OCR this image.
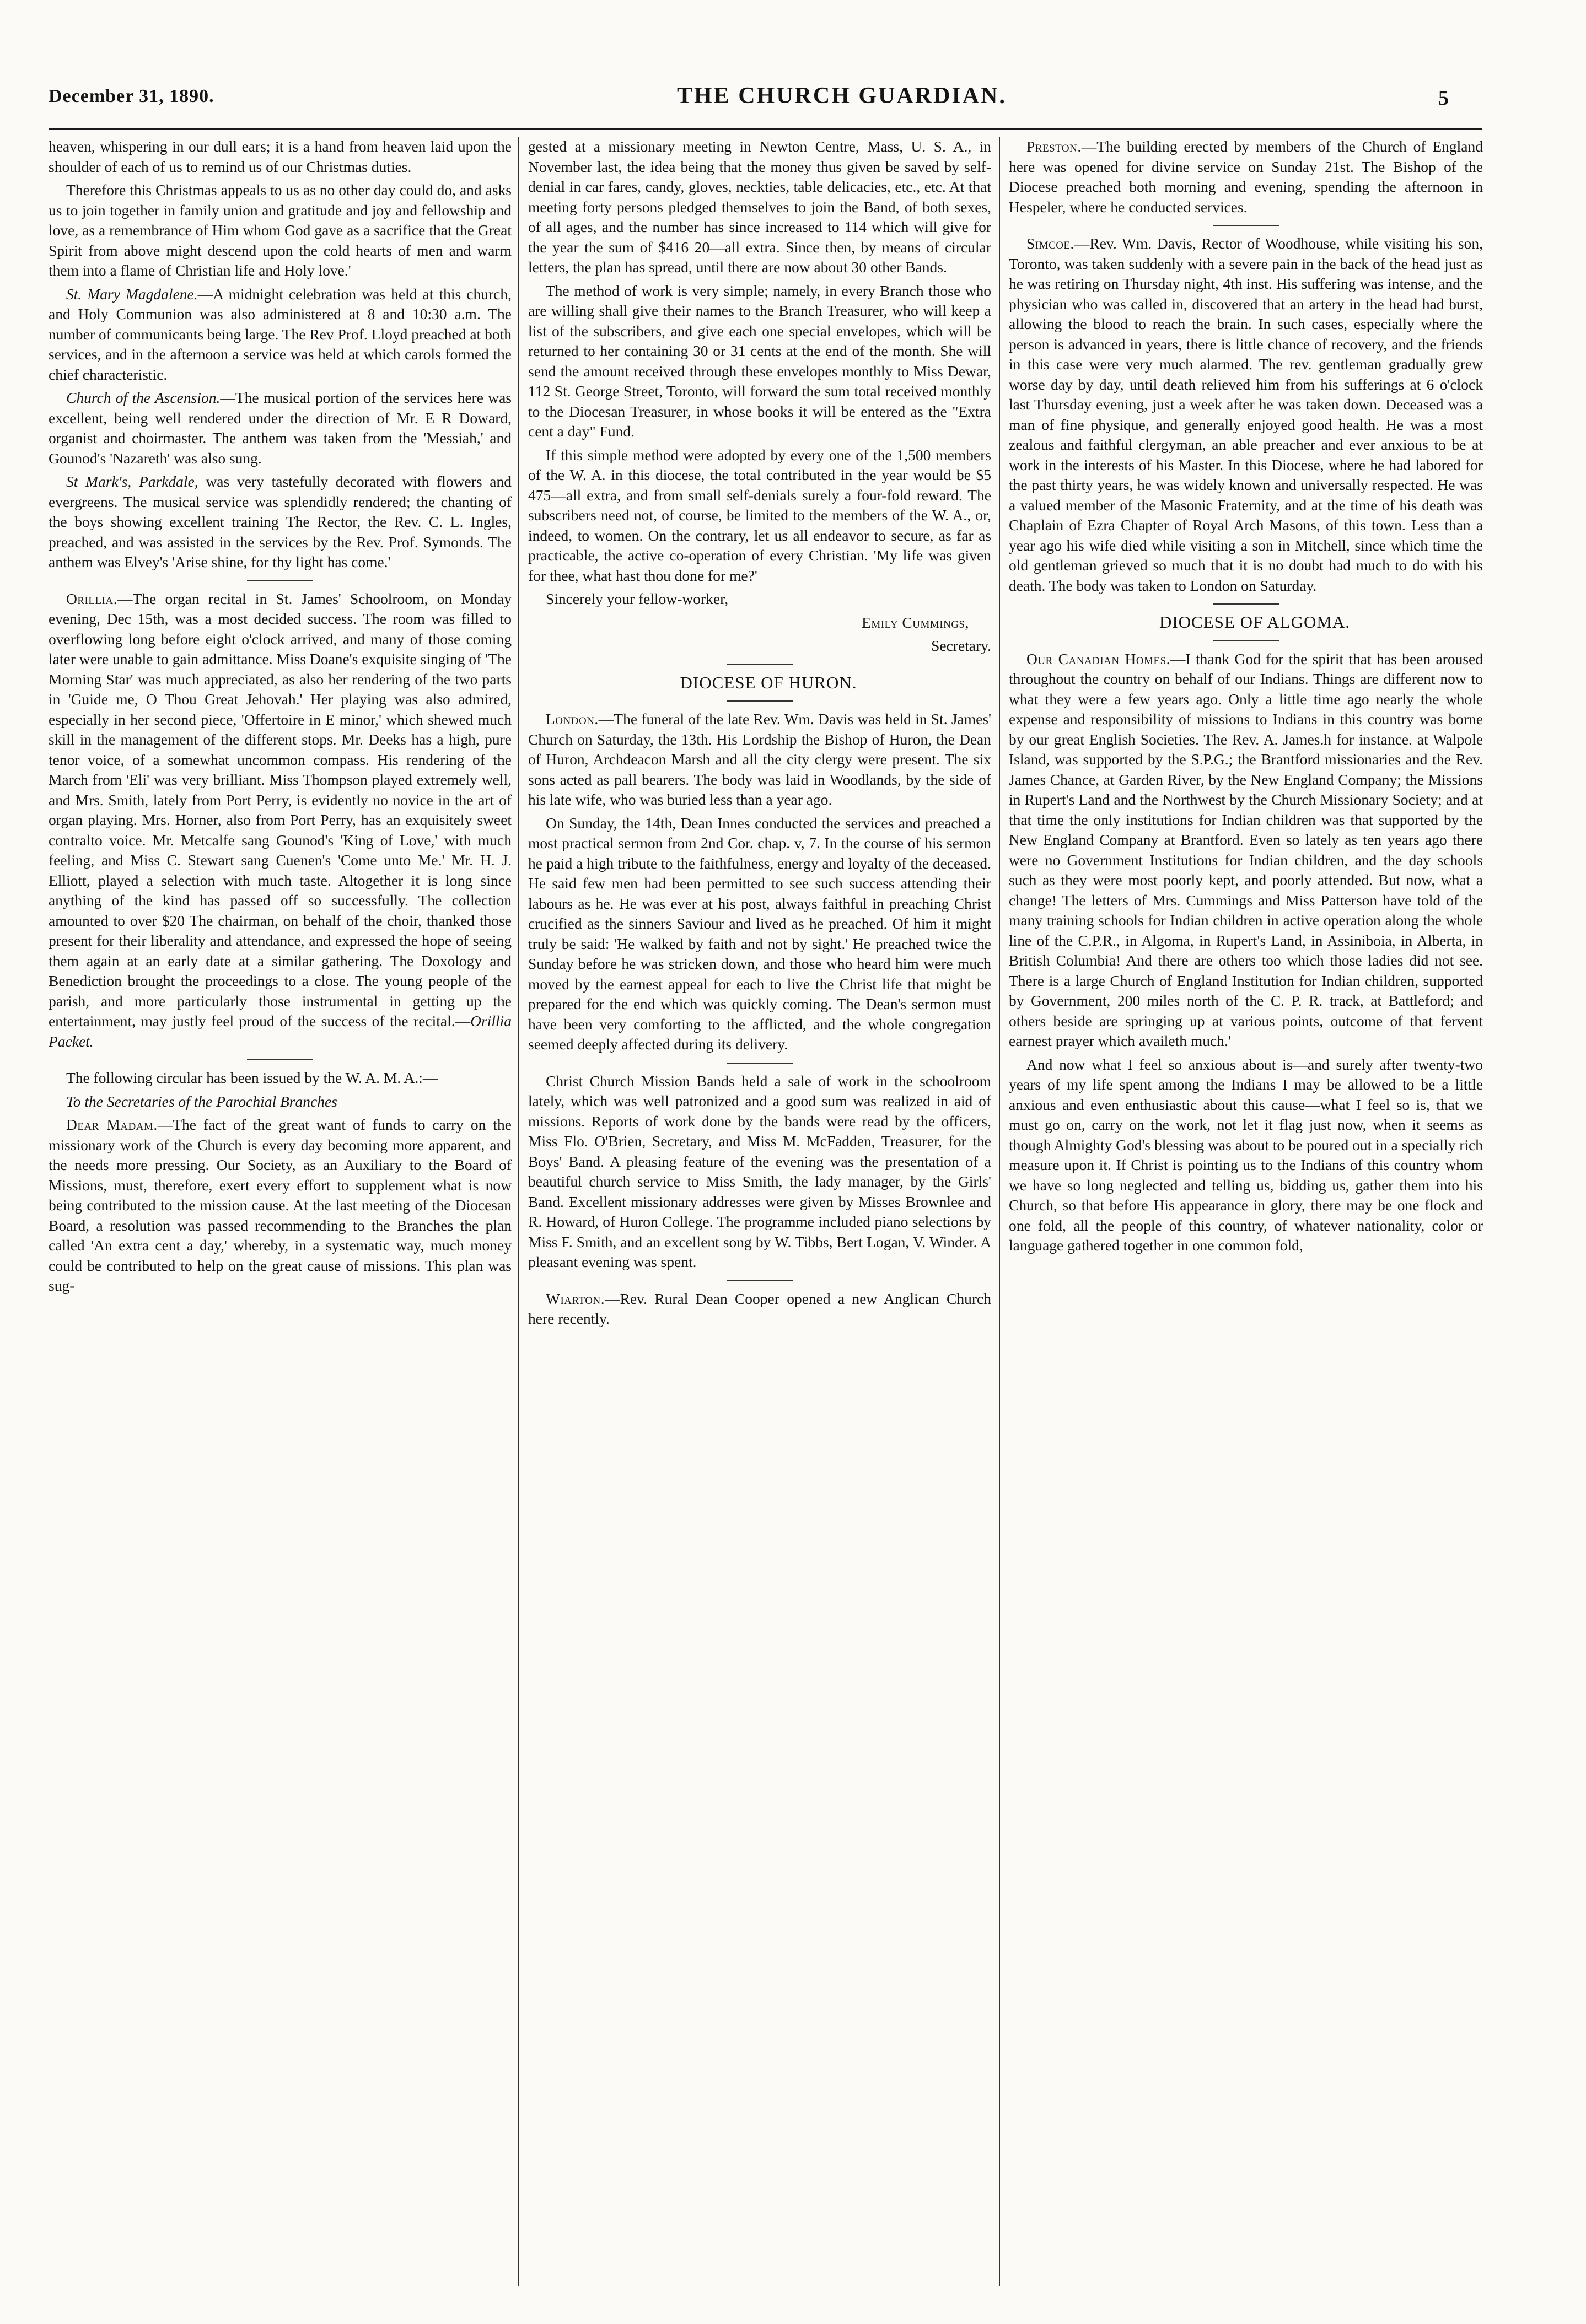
December 31, 1890.	THE CHURCH GUARDIAN.	5

heaven, whispering in our dull ears; it is a hand from heaven laid upon the shoulder of each of us to remind us of our Christmas duties.

Therefore this Christmas appeals to us as no other day could do, and asks us to join together in family union and gratitude and joy and fellowship and love, as a remembrance of Him whom God gave as a sacrifice that the Great Spirit from above might descend upon the cold hearts of men and warm them into a flame of Christian life and Holy love.'

St. Mary Magdalene.—A midnight celebration was held at this church, and Holy Communion was also administered at 8 and 10:30 a.m. The number of communicants being large. The Rev Prof. Lloyd preached at both services, and in the afternoon a service was held at which carols formed the chief characteristic.

Church of the Ascension.—The musical portion of the services here was excellent, being well rendered under the direction of Mr. E R Doward, organist and choirmaster. The anthem was taken from the 'Messiah,' and Gounod's 'Nazareth' was also sung.

St Mark's, Parkdale, was very tastefully decorated with flowers and evergreens. The musical service was splendidly rendered; the chanting of the boys showing excellent training The Rector, the Rev. C. L. Ingles, preached, and was assisted in the services by the Rev. Prof. Symonds. The anthem was Elvey's 'Arise shine, for thy light has come.'

Orillia.—The organ recital in St. James' Schoolroom, on Monday evening, Dec 15th, was a most decided success. The room was filled to overflowing long before eight o'clock arrived, and many of those coming later were unable to gain admittance. Miss Doane's exquisite singing of 'The Morning Star' was much appreciated, as also her rendering of the two parts in 'Guide me, O Thou Great Jehovah.' Her playing was also admired, especially in her second piece, 'Offertoire in E minor,' which shewed much skill in the management of the different stops. Mr. Deeks has a high, pure tenor voice, of a somewhat uncommon compass. His rendering of the March from 'Eli' was very brilliant. Miss Thompson played extremely well, and Mrs. Smith, lately from Port Perry, is evidently no novice in the art of organ playing. Mrs. Horner, also from Port Perry, has an exquisitely sweet contralto voice. Mr. Metcalfe sang Gounod's 'King of Love,' with much feeling, and Miss C. Stewart sang Cuenen's 'Come unto Me.' Mr. H. J. Elliott, played a selection with much taste. Altogether it is long since anything of the kind has passed off so successfully. The collection amounted to over $20 The chairman, on behalf of the choir, thanked those present for their liberality and attendance, and expressed the hope of seeing them again at an early date at a similar gathering. The Doxology and Benediction brought the proceedings to a close. The young people of the parish, and more particularly those instrumental in getting up the entertainment, may justly feel proud of the success of the recital.—Orillia Packet.

The following circular has been issued by the W. A. M. A.:—

To the Secretaries of the Parochial Branches

Dear Madam.—The fact of the great want of funds to carry on the missionary work of the Church is every day becoming more apparent, and the needs more pressing. Our Society, as an Auxiliary to the Board of Missions, must, therefore, exert every effort to supplement what is now being contributed to the mission cause. At the last meeting of the Diocesan Board, a resolution was passed recommending to the Branches the plan called 'An extra cent a day,' whereby, in a systematic way, much money could be contributed to help on the great cause of missions. This plan was sug-

gested at a missionary meeting in Newton Centre, Mass, U. S. A., in November last, the idea being that the money thus given be saved by self-denial in car fares, candy, gloves, neckties, table delicacies, etc., etc. At that meeting forty persons pledged themselves to join the Band, of both sexes, of all ages, and the number has since increased to 114 which will give for the year the sum of $416 20—all extra. Since then, by means of circular letters, the plan has spread, until there are now about 30 other Bands.

The method of work is very simple; namely, in every Branch those who are willing shall give their names to the Branch Treasurer, who will keep a list of the subscribers, and give each one special envelopes, which will be returned to her containing 30 or 31 cents at the end of the month. She will send the amount received through these envelopes monthly to Miss Dewar, 112 St. George Street, Toronto, will forward the sum total received monthly to the Diocesan Treasurer, in whose books it will be entered as the "Extra cent a day" Fund.

If this simple method were adopted by every one of the 1,500 members of the W. A. in this diocese, the total contributed in the year would be $5 475—all extra, and from small self-denials surely a four-fold reward. The subscribers need not, of course, be limited to the members of the W. A., or, indeed, to women. On the contrary, let us all endeavor to secure, as far as practicable, the active co-operation of every Christian. 'My life was given for thee, what hast thou done for me?'

Sincerely your fellow-worker,

Emily Cummings,

Secretary.

DIOCESE OF HURON.

London.—The funeral of the late Rev. Wm. Davis was held in St. James' Church on Saturday, the 13th. His Lordship the Bishop of Huron, the Dean of Huron, Archdeacon Marsh and all the city clergy were present. The six sons acted as pall bearers. The body was laid in Woodlands, by the side of his late wife, who was buried less than a year ago.

On Sunday, the 14th, Dean Innes conducted the services and preached a most practical sermon from 2nd Cor. chap. v, 7. In the course of his sermon he paid a high tribute to the faithfulness, energy and loyalty of the deceased. He said few men had been permitted to see such success attending their labours as he. He was ever at his post, always faithful in preaching Christ crucified as the sinners Saviour and lived as he preached. Of him it might truly be said: 'He walked by faith and not by sight.' He preached twice the Sunday before he was stricken down, and those who heard him were much moved by the earnest appeal for each to live the Christ life that might be prepared for the end which was quickly coming. The Dean's sermon must have been very comforting to the afflicted, and the whole congregation seemed deeply affected during its delivery.

Christ Church Mission Bands held a sale of work in the schoolroom lately, which was well patronized and a good sum was realized in aid of missions. Reports of work done by the bands were read by the officers, Miss Flo. O'Brien, Secretary, and Miss M. McFadden, Treasurer, for the Boys' Band. A pleasing feature of the evening was the presentation of a beautiful church service to Miss Smith, the lady manager, by the Girls' Band. Excellent missionary addresses were given by Misses Brownlee and R. Howard, of Huron College. The programme included piano selections by Miss F. Smith, and an excellent song by W. Tibbs, Bert Logan, V. Winder. A pleasant evening was spent.

Wiarton.—Rev. Rural Dean Cooper opened a new Anglican Church here recently.

Preston.—The building erected by members of the Church of England here was opened for divine service on Sunday 21st. The Bishop of the Diocese preached both morning and evening, spending the afternoon in Hespeler, where he conducted services.

Simcoe.—Rev. Wm. Davis, Rector of Woodhouse, while visiting his son, Toronto, was taken suddenly with a severe pain in the back of the head just as he was retiring on Thursday night, 4th inst. His suffering was intense, and the physician who was called in, discovered that an artery in the head had burst, allowing the blood to reach the brain. In such cases, especially where the person is advanced in years, there is little chance of recovery, and the friends in this case were very much alarmed. The rev. gentleman gradually grew worse day by day, until death relieved him from his sufferings at 6 o'clock last Thursday evening, just a week after he was taken down. Deceased was a man of fine physique, and generally enjoyed good health. He was a most zealous and faithful clergyman, an able preacher and ever anxious to be at work in the interests of his Master. In this Diocese, where he had labored for the past thirty years, he was widely known and universally respected. He was a valued member of the Masonic Fraternity, and at the time of his death was Chaplain of Ezra Chapter of Royal Arch Masons, of this town. Less than a year ago his wife died while visiting a son in Mitchell, since which time the old gentleman grieved so much that it is no doubt had much to do with his death. The body was taken to London on Saturday.

DIOCESE OF ALGOMA.

Our Canadian Homes.—I thank God for the spirit that has been aroused throughout the country on behalf of our Indians. Things are different now to what they were a few years ago. Only a little time ago nearly the whole expense and responsibility of missions to Indians in this country was borne by our great English Societies. The Rev. A. James.h for instance. at Walpole Island, was supported by the S.P.G.; the Brantford missionaries and the Rev. James Chance, at Garden River, by the New England Company; the Missions in Rupert's Land and the Northwest by the Church Missionary Society; and at that time the only institutions for Indian children was that supported by the New England Company at Brantford. Even so lately as ten years ago there were no Government Institutions for Indian children, and the day schools such as they were most poorly kept, and poorly attended. But now, what a change! The letters of Mrs. Cummings and Miss Patterson have told of the many training schools for Indian children in active operation along the whole line of the C.P.R., in Algoma, in Rupert's Land, in Assiniboia, in Alberta, in British Columbia! And there are others too which those ladies did not see. There is a large Church of England Institution for Indian children, supported by Government, 200 miles north of the C. P. R. track, at Battleford; and others beside are springing up at various points, outcome of that fervent earnest prayer which availeth much.'

And now what I feel so anxious about is—and surely after twenty-two years of my life spent among the Indians I may be allowed to be a little anxious and even enthusiastic about this cause—what I feel so is, that we must go on, carry on the work, not let it flag just now, when it seems as though Almighty God's blessing was about to be poured out in a specially rich measure upon it. If Christ is pointing us to the Indians of this country whom we have so long neglected and telling us, bidding us, gather them into his Church, so that before His appearance in glory, there may be one flock and one fold, all the people of this country, of whatever nationality, color or language gathered together in one common fold,
